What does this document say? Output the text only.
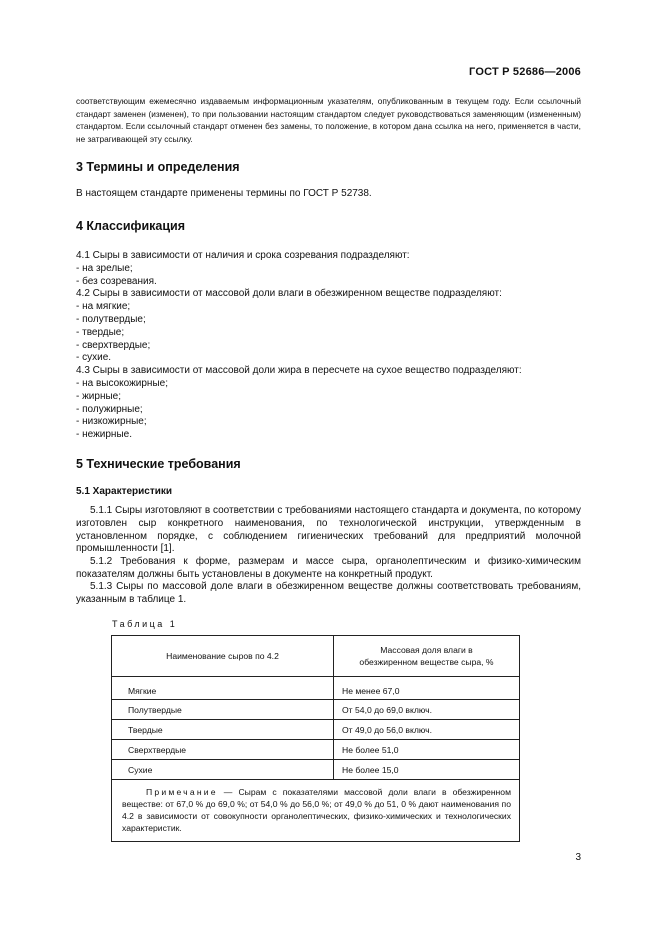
ГОСТ Р 52686—2006
соответствующим ежемесячно издаваемым информационным указателям, опубликованным в текущем году. Если ссылочный стандарт заменен (изменен), то при пользовании настоящим стандартом следует руководствоваться заменяющим (измененным) стандартом. Если ссылочный стандарт отменен без замены, то положение, в котором дана ссылка на него, применяется в части, не затрагивающей эту ссылку.
3 Термины и определения
В настоящем стандарте применены термины по ГОСТ Р 52738.
4 Классификация
4.1 Сыры в зависимости от наличия и срока созревания подразделяют:
- на зрелые;
- без созревания.
4.2 Сыры в зависимости от массовой доли влаги в обезжиренном веществе подразделяют:
- на мягкие;
- полутвердые;
- твердые;
- сверхтвердые;
- сухие.
4.3 Сыры в зависимости от массовой доли жира в пересчете на сухое вещество подразделяют:
- на высокожирные;
- жирные;
- полужирные;
- низкожирные;
- нежирные.
5 Технические требования
5.1 Характеристики
5.1.1 Сыры изготовляют в соответствии с требованиями настоящего стандарта и документа, по которому изготовлен сыр конкретного наименования, по технологической инструкции, утвержденным в установленном порядке, с соблюдением гигиенических требований для предприятий молочной промышленности [1].
5.1.2 Требования к форме, размерам и массе сыра, органолептическим и физико-химическим показателям должны быть установлены в документе на конкретный продукт.
5.1.3 Сыры по массовой доле влаги в обезжиренном веществе должны соответствовать требованиям, указанным в таблице 1.
Таблица 1
Наименование сыров по 4.2	Массовая доля влаги в обезжиренном веществе сыра, %
Мягкие	Не менее 67,0
Полутвердые	От 54,0 до 69,0 включ.
Твердые	От 49,0 до 56,0 включ.
Сверхтвердые	Не более 51,0
Сухие	Не более 15,0
Примечание — Сырам с показателями массовой доли влаги в обезжиренном веществе: от 67,0 % до 69,0 %; от 54,0 % до 56,0 %; от 49,0 % до 51, 0 % дают наименования по 4.2 в зависимости от совокупности органолептических, физико-химических и технологических характеристик.	
3
